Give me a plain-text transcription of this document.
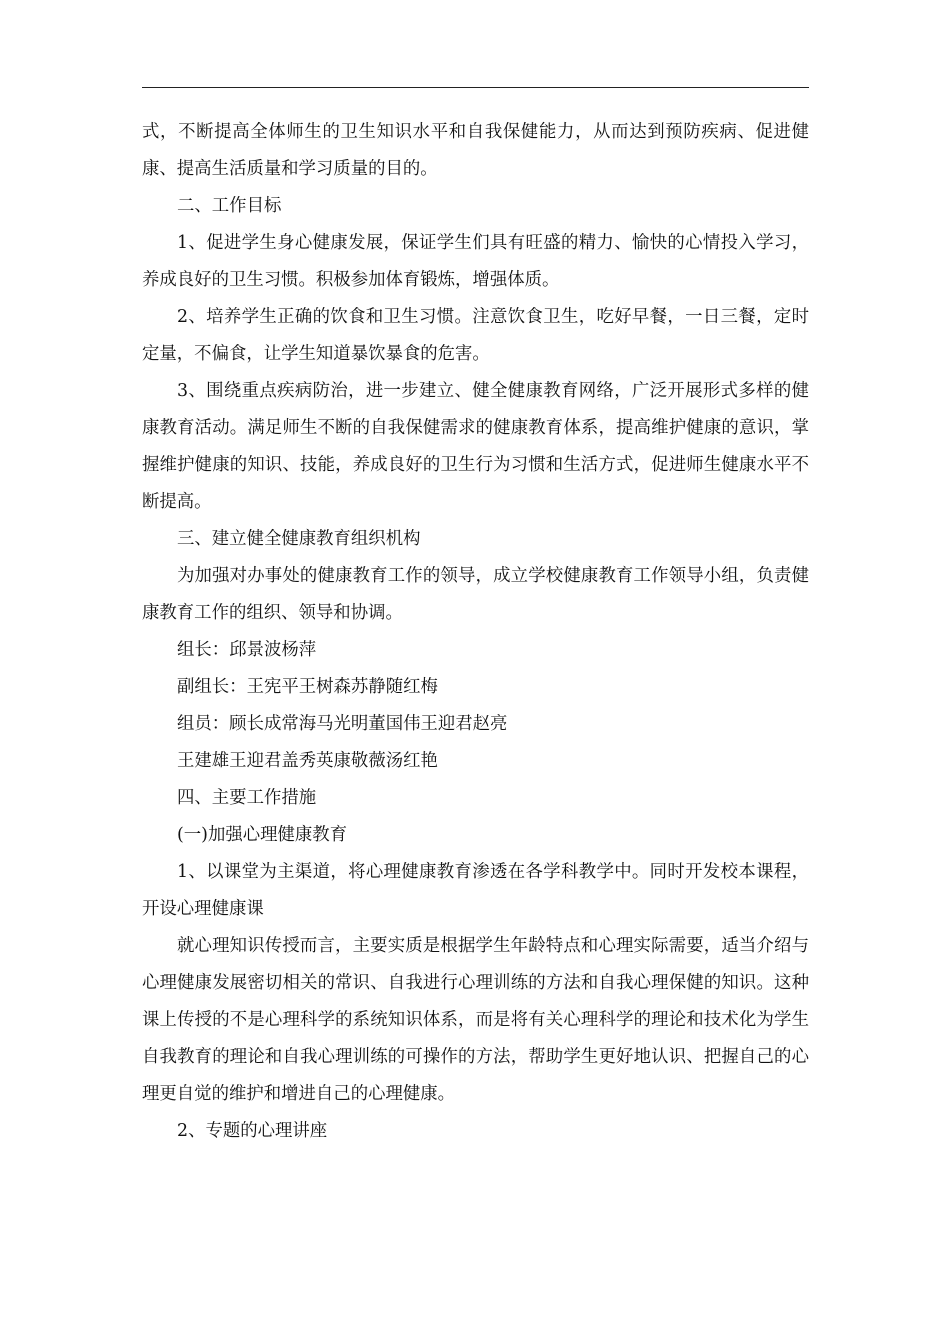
式，不断提高全体师生的卫生知识水平和自我保健能力，从而达到预防疾病、促进健康、提高生活质量和学习质量的目的。

二、工作目标

1、促进学生身心健康发展，保证学生们具有旺盛的精力、愉快的心情投入学习，养成良好的卫生习惯。积极参加体育锻炼，增强体质。

2、培养学生正确的饮食和卫生习惯。注意饮食卫生，吃好早餐，一日三餐，定时定量，不偏食，让学生知道暴饮暴食的危害。

3、围绕重点疾病防治，进一步建立、健全健康教育网络，广泛开展形式多样的健康教育活动。满足师生不断的自我保健需求的健康教育体系，提高维护健康的意识，掌握维护健康的知识、技能，养成良好的卫生行为习惯和生活方式，促进师生健康水平不断提高。

三、建立健全健康教育组织机构

为加强对办事处的健康教育工作的领导，成立学校健康教育工作领导小组，负责健康教育工作的组织、领导和协调。

组长：邱景波杨萍

副组长：王宪平王树森苏静随红梅

组员：顾长成常海马光明董国伟王迎君赵亮

王建雄王迎君盖秀英康敬薇汤红艳

四、主要工作措施

(一)加强心理健康教育

1、以课堂为主渠道，将心理健康教育渗透在各学科教学中。同时开发校本课程，开设心理健康课

就心理知识传授而言，主要实质是根据学生年龄特点和心理实际需要，适当介绍与心理健康发展密切相关的常识、自我进行心理训练的方法和自我心理保健的知识。这种课上传授的不是心理科学的系统知识体系，而是将有关心理科学的理论和技术化为学生自我教育的理论和自我心理训练的可操作的方法，帮助学生更好地认识、把握自己的心理更自觉的维护和增进自己的心理健康。

2、专题的心理讲座
